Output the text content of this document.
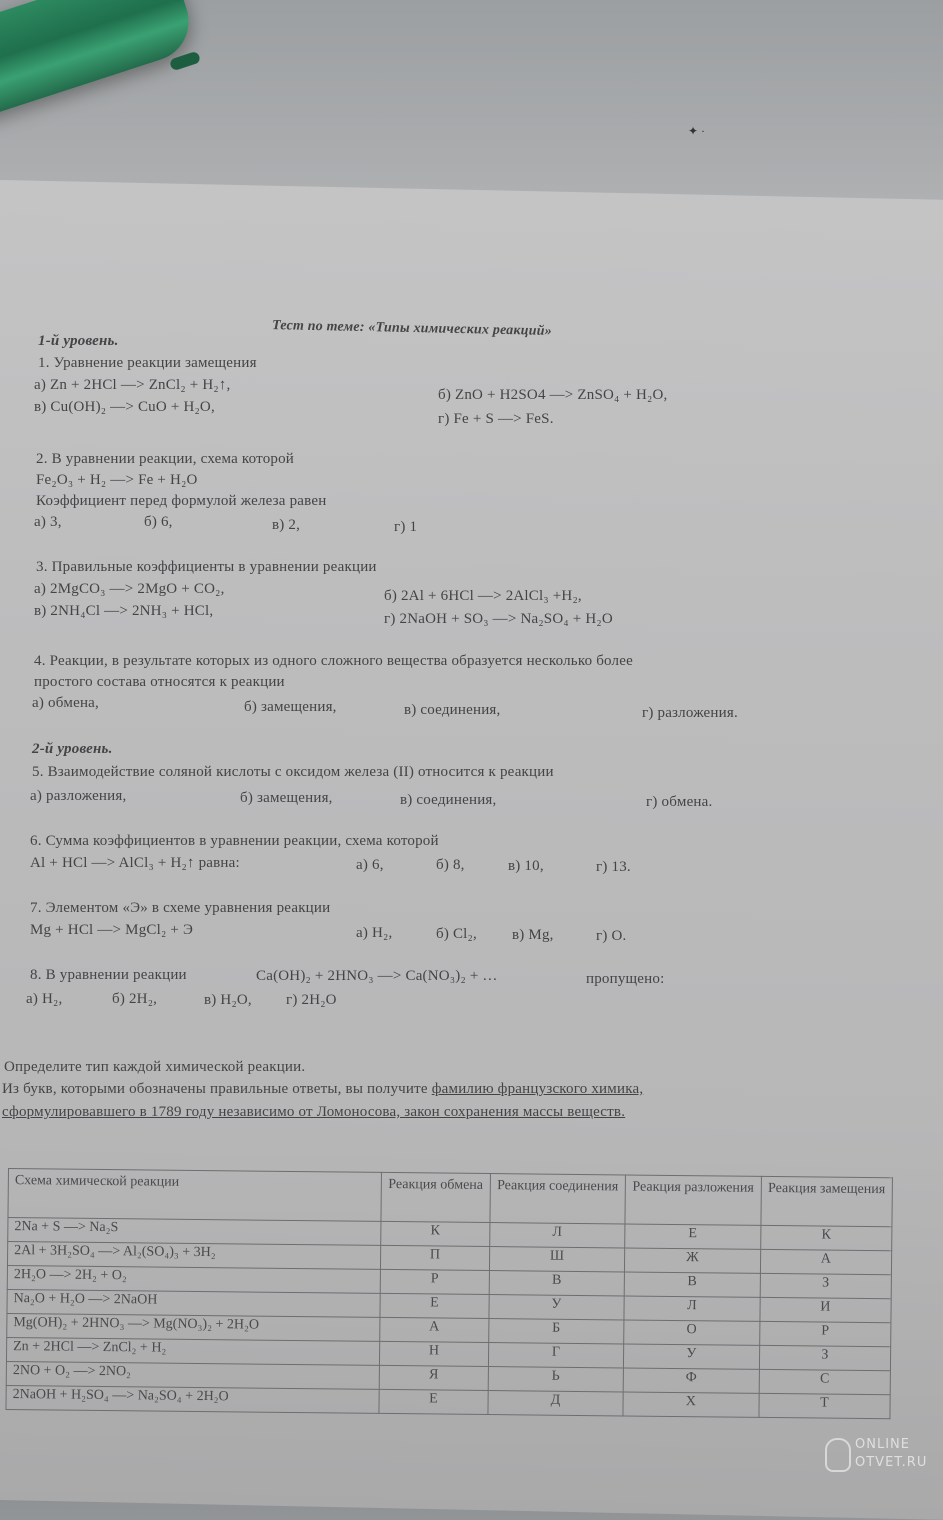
✦ ·
Тест по теме: «Типы химических реакций»
1-й уровень.
1. Уравнение реакции замещения
а) Zn + 2HCl —> ZnCl₂ + H₂↑,
б) ZnO + H2SO4 —> ZnSO₄ + H₂O,
в) Cu(OH)₂ —> CuO + H₂O,
г) Fe + S —> FeS.
2. В уравнении реакции, схема которой
Fe₂O₃ + H₂ —> Fe + H₂O
Коэффициент перед формулой железа равен
а) 3,	б) 6,	в) 2,	г) 1
3. Правильные коэффициенты в уравнении реакции
а) 2MgCO₃ —> 2MgO + CO₂,	б) 2Al + 6HCl —> 2AlCl₃ +H₂,
в) 2NH₄Cl —> 2NH₃ + HCl,	г) 2NaOH + SO₃ —> Na₂SO₄ + H₂O
4. Реакции, в результате которых из одного сложного вещества образуется несколько более
простого состава относятся к реакции
а) обмена,	б) замещения,	в) соединения,	г) разложения.
2-й уровень.
5. Взаимодействие соляной кислоты с оксидом железа (II) относится к реакции
а) разложения,	б) замещения,	в) соединения,	г) обмена.
6. Сумма коэффициентов в уравнении реакции, схема которой
Al + HCl —> AlCl₃ + H₂↑ равна:	а) 6,	б) 8,	в) 10,	г) 13.
7. Элементом «Э» в схеме уравнения реакции
Mg + HCl —> MgCl₂ + Э	а) H₂,	б) Cl₂, в) Mg,	г) O.
8. В уравнении реакции	Ca(OH)₂ + 2HNO₃ —> Ca(NO₃)₂ + …	пропущено:
а) H₂,	б) 2H₂,	в) H₂O, г) 2H₂O
Определите тип каждой химической реакции.
Из букв, которыми обозначены правильные ответы, вы получите фамилию французского химика,
сформулировавшего в 1789 году независимо от Ломоносова, закон сохранения массы веществ.
Схема химической реакции	Реакция обмена	Реакция соединения	Реакция разложения	Реакция замещения
2Na + S —> Na₂S	К	Л	Е	К
2Al + 3H₂SO₄ —> Al₂(SO₄)₃ + 3H₂	П	Ш	Ж	А
2H₂O —> 2H₂ + O₂	Р	В	В	З
Na₂O + H₂O —> 2NaOH	Е	У	Л	И
Mg(OH)₂ + 2HNO₃ —> Mg(NO₃)₂ + 2H₂O	А	Б	О	Р
Zn + 2HCl —> ZnCl₂ + H₂	Н	Г	У	З
2NO + O₂ —> 2NO₂	Я	Ь	Ф	С
2NaOH + H₂SO₄ —> Na₂SO₄ + 2H₂O	Е	Д	Х	Т
ONLINE
OTVET.RU
